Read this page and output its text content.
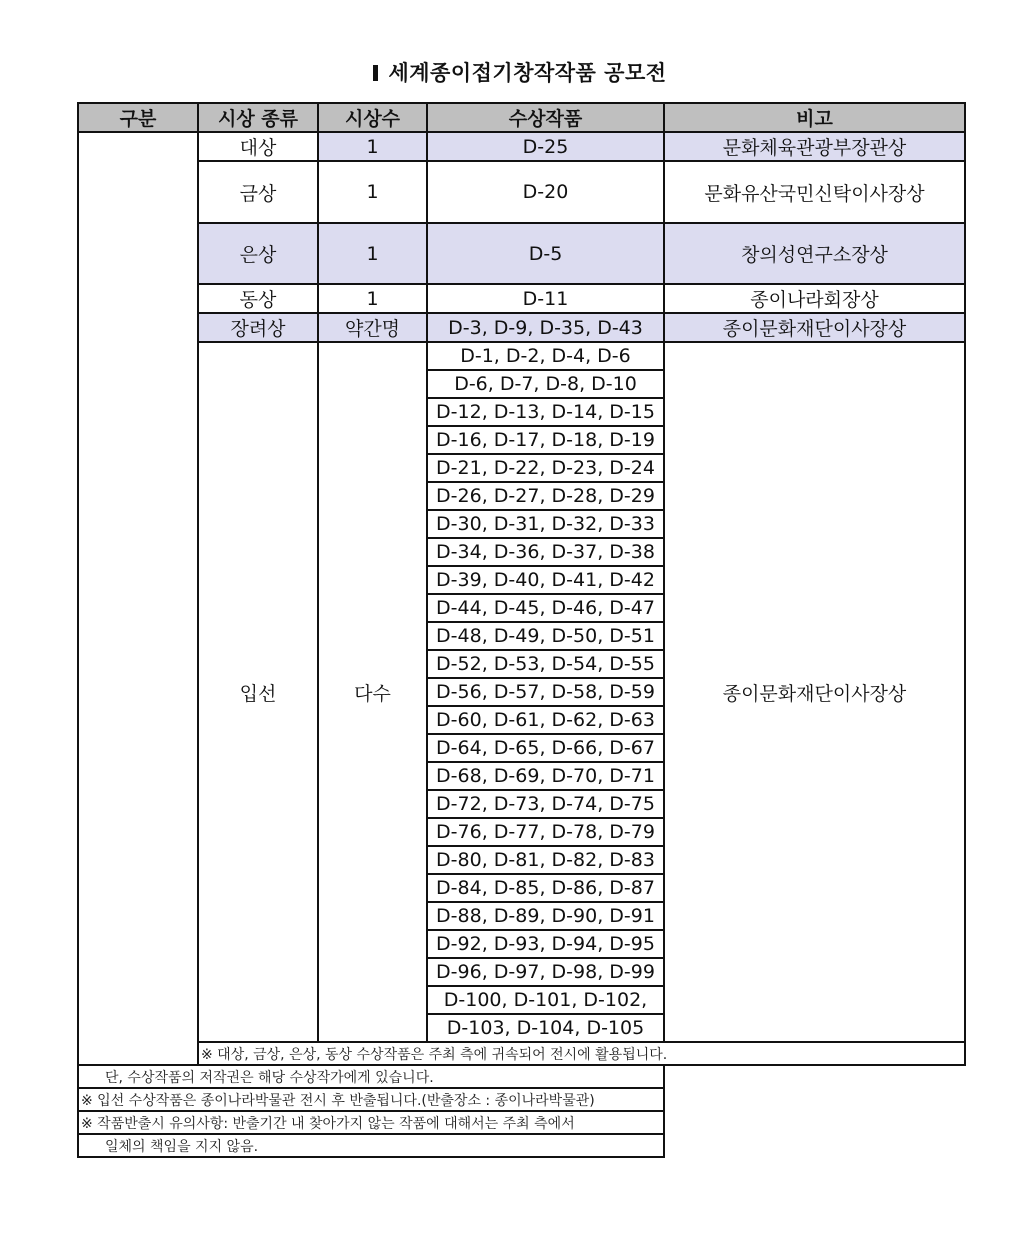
세계종이접기창작작품 공모전
구분	시상 종류	시상수	수상작품	비고
	대상	1	D-25	문화체육관광부장관상
	금상	1	D-20	문화유산국민신탁이사장상
	은상	1	D-5	창의성연구소장상
	동상	1	D-11	종이나라회장상
	장려상	약간명	D-3, D-9, D-35, D-43	종이문화재단이사장상
	입선	다수	D-1, D-2, D-4, D-6	종이문화재단이사장상
			D-6, D-7, D-8, D-10	
			D-12, D-13, D-14, D-15	
			D-16, D-17, D-18, D-19	
			D-21, D-22, D-23, D-24	
			D-26, D-27, D-28, D-29	
			D-30, D-31, D-32, D-33	
			D-34, D-36, D-37, D-38	
			D-39, D-40, D-41, D-42	
			D-44, D-45, D-46, D-47	
			D-48, D-49, D-50, D-51	
			D-52, D-53, D-54, D-55	
			D-56, D-57, D-58, D-59	
			D-60, D-61, D-62, D-63	
			D-64, D-65, D-66, D-67	
			D-68, D-69, D-70, D-71	
			D-72, D-73, D-74, D-75	
			D-76, D-77, D-78, D-79	
			D-80, D-81, D-82, D-83	
			D-84, D-85, D-86, D-87	
			D-88, D-89, D-90, D-91	
			D-92, D-93, D-94, D-95	
			D-96, D-97, D-98, D-99	
			D-100, D-101, D-102,	
			D-103, D-104, D-105	
	※ 대상, 금상, 은상, 동상 수상작품은 주최 측에 귀속되어 전시에 활용됩니다.			
단, 수상작품의 저작권은 해당 수상작가에게 있습니다.				
※ 입선 수상작품은 종이나라박물관 전시 후 반출됩니다.(반출장소 : 종이나라박물관)				
※ 작품반출시 유의사항: 반출기간 내 찾아가지 않는 작품에 대해서는 주최 측에서				
일체의 책임을 지지 않음.				
